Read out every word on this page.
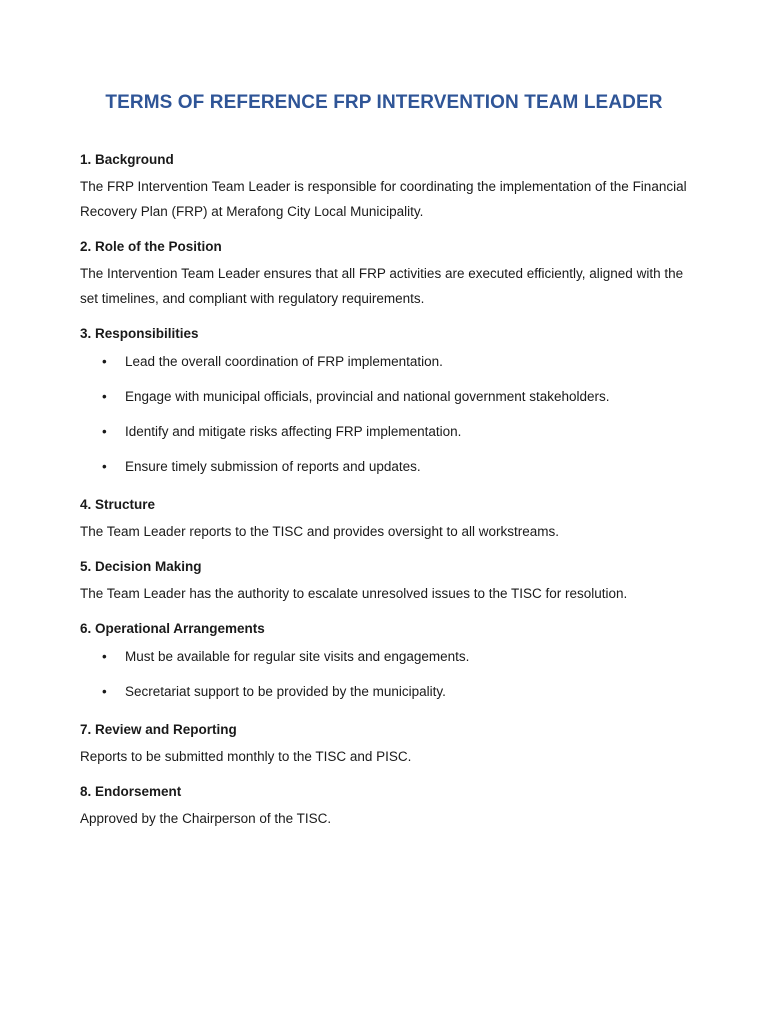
TERMS OF REFERENCE FRP INTERVENTION TEAM LEADER

1. Background

The FRP Intervention Team Leader is responsible for coordinating the implementation of the Financial Recovery Plan (FRP) at Merafong City Local Municipality.

2. Role of the Position

The Intervention Team Leader ensures that all FRP activities are executed efficiently, aligned with the set timelines, and compliant with regulatory requirements.

3. Responsibilities

• Lead the overall coordination of FRP implementation.
• Engage with municipal officials, provincial and national government stakeholders.
• Identify and mitigate risks affecting FRP implementation.
• Ensure timely submission of reports and updates.

4. Structure

The Team Leader reports to the TISC and provides oversight to all workstreams.

5. Decision Making

The Team Leader has the authority to escalate unresolved issues to the TISC for resolution.

6. Operational Arrangements

• Must be available for regular site visits and engagements.
• Secretariat support to be provided by the municipality.

7. Review and Reporting

Reports to be submitted monthly to the TISC and PISC.

8. Endorsement

Approved by the Chairperson of the TISC.
